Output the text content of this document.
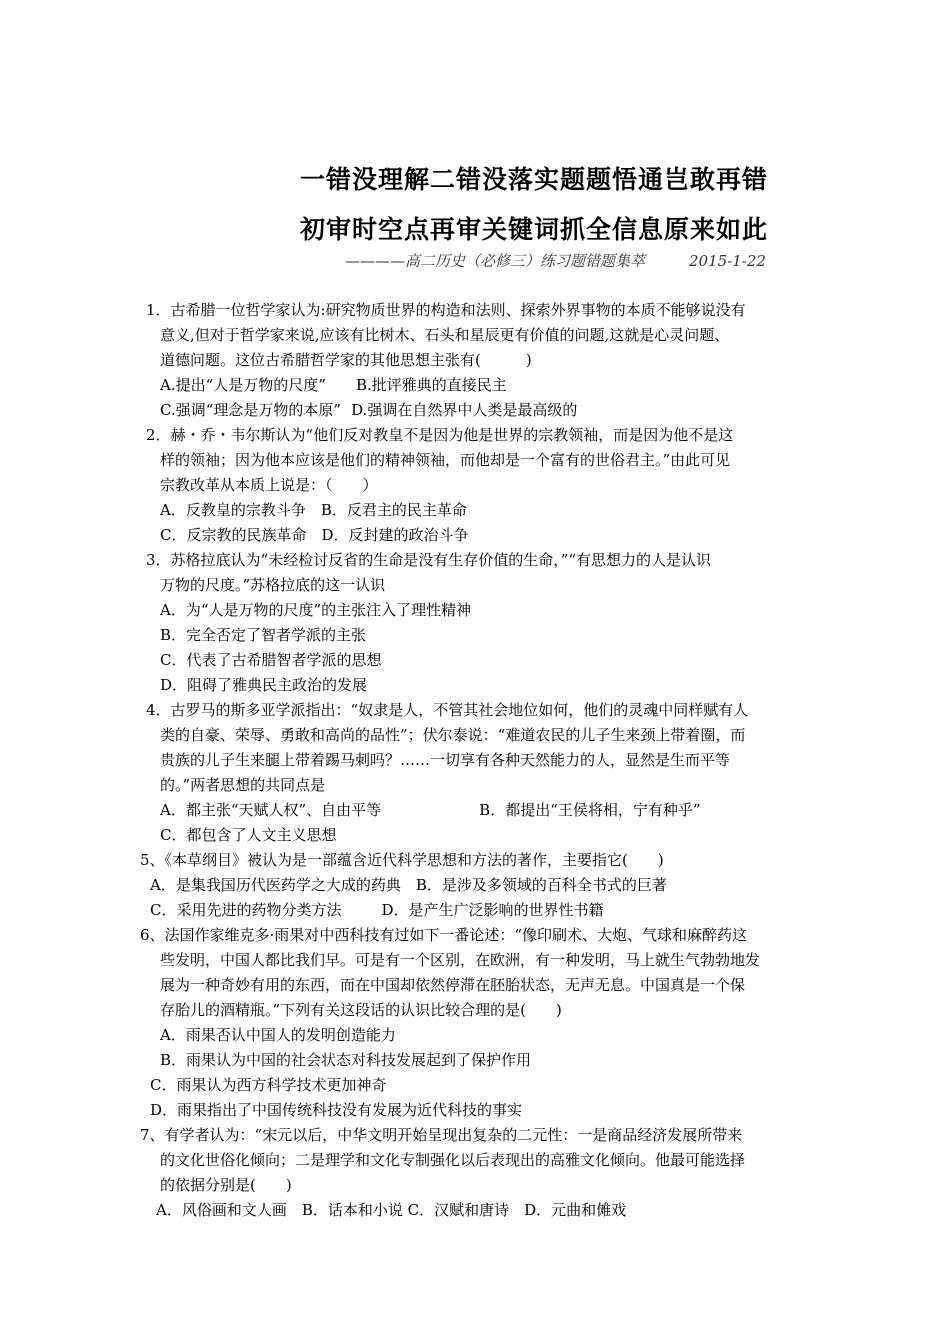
一错没理解二错没落实题题悟通岂敢再错
初审时空点再审关键词抓全信息原来如此
————高二历史（必修三）练习题错题集萃	2015-1-22
1．古希腊一位哲学家认为:研究物质世界的构造和法则、探索外界事物的本质不能够说没有
意义,但对于哲学家来说,应该有比树木、石头和星辰更有价值的问题,这就是心灵问题、
道德问题。这位古希腊哲学家的其他思想主张有(　　　)
A.提出“人是万物的尺度” B.批评雅典的直接民主
C.强调“理念是万物的本原” D.强调在自然界中人类是最高级的
2．赫・乔・韦尔斯认为“他们反对教皇不是因为他是世界的宗教领袖，而是因为他不是这
样的领袖；因为他本应该是他们的精神领袖，而他却是一个富有的世俗君主。”由此可见
宗教改革从本质上说是：（　　）
A．反教皇的宗教斗争　 B．反君主的民主革命
C．反宗教的民族革命　 D．反封建的政治斗争
3．苏格拉底认为“未经检讨反省的生命是没有生存价值的生命，”“有思想力的人是认识
万物的尺度。”苏格拉底的这一认识
A．为“人是万物的尺度”的主张注入了理性精神
B．完全否定了智者学派的主张
C．代表了古希腊智者学派的思想
D．阻碍了雅典民主政治的发展
4．古罗马的斯多亚学派指出：“奴隶是人，不管其社会地位如何，他们的灵魂中同样赋有人
类的自豪、荣辱、勇敢和高尚的品性”；伏尔泰说：“难道农民的儿子生来颈上带着圈，而
贵族的儿子生来腿上带着踢马刺吗？……一切享有各种天然能力的人，显然是生而平等
的。”两者思想的共同点是
A．都主张“天赋人权”、自由平等	B．都提出“王侯将相，宁有种乎”
C．都包含了人文主义思想
5、《本草纲目》被认为是一部蕴含近代科学思想和方法的著作，主要指它(　　)
A．是集我国历代医药学之大成的药典　 B．是涉及多领域的百科全书式的巨著
C．采用先进的药物分类方法	D．是产生广泛影响的世界性书籍
6、法国作家维克多·雨果对中西科技有过如下一番论述：“像印刷术、大炮、气球和麻醉药这
些发明，中国人都比我们早。可是有一个区别，在欧洲，有一种发明，马上就生气勃勃地发
展为一种奇妙有用的东西，而在中国却依然停滞在胚胎状态，无声无息。中国真是一个保
存胎儿的酒精瓶。”下列有关这段话的认识比较合理的是(　　)
A．雨果否认中国人的发明创造能力
B．雨果认为中国的社会状态对科技发展起到了保护作用
C．雨果认为西方科学技术更加神奇
D．雨果指出了中国传统科技没有发展为近代科技的事实
7、有学者认为：“宋元以后，中华文明开始呈现出复杂的二元性：一是商品经济发展所带来
的文化世俗化倾向；二是理学和文化专制强化以后表现出的高雅文化倾向。他最可能选择
的依据分别是(　　)
A．风俗画和文人画　B．话本和小说 C．汉赋和唐诗　D．元曲和傩戏
